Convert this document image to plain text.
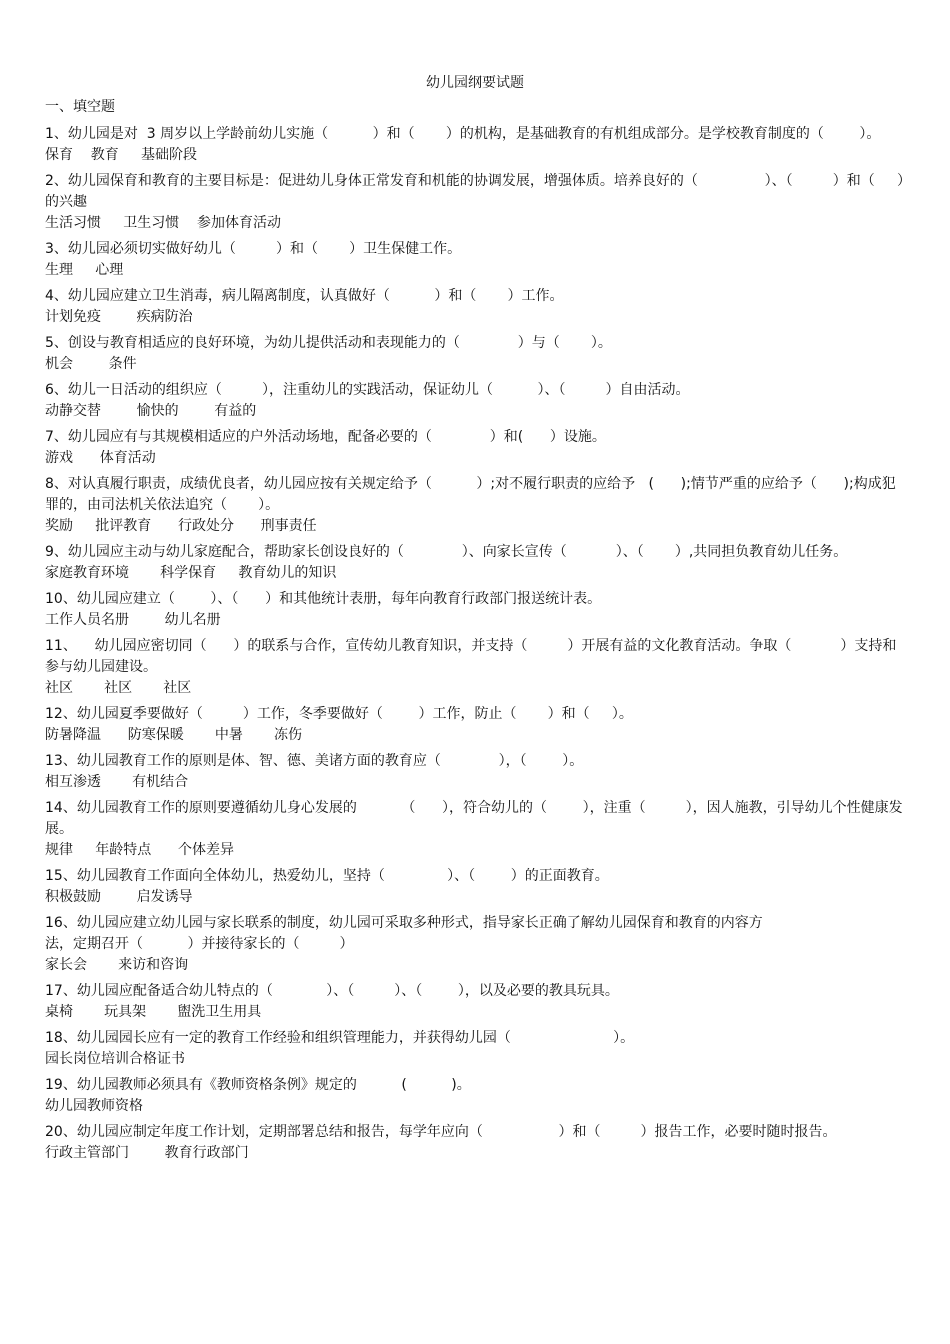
幼儿园纲要试题
一、填空题
1、幼儿园是对  3 周岁以上学龄前幼儿实施（          ）和（       ）的机构，是基础教育的有机组成部分。是学校教育制度的（        ）。
保育    教育     基础阶段
2、幼儿园保育和教育的主要目标是：促进幼儿身体正常发育和机能的协调发展，增强体质。培养良好的（               ）、（         ）和（     ）的兴趣
生活习惯     卫生习惯    参加体育活动
3、幼儿园必须切实做好幼儿（         ）和（       ）卫生保健工作。
生理     心理
4、幼儿园应建立卫生消毒，病儿隔离制度，认真做好（          ）和（       ）工作。
计划免疫        疾病防治
5、创设与教育相适应的良好环境，为幼儿提供活动和表现能力的（             ）与（       ）。
机会        条件
6、幼儿一日活动的组织应（         ），注重幼儿的实践活动，保证幼儿（          ）、（         ）自由活动。
动静交替        愉快的        有益的
7、幼儿园应有与其规模相适应的户外活动场地，配备必要的（             ）和(      ）设施。
游戏      体育活动
8、对认真履行职责，成绩优良者，幼儿园应按有关规定给予（          ）;对不履行职责的应给予   (      );情节严重的应给予（      );构成犯罪的，由司法机关依法追究（       ）。
奖励     批评教育      行政处分      刑事责任
9、幼儿园应主动与幼儿家庭配合，帮助家长创设良好的（             ）、向家长宣传（           ）、（       ）,共同担负教育幼儿任务。
家庭教育环境       科学保育     教育幼儿的知识
10、幼儿园应建立（        ）、（      ）和其他统计表册，每年向教育行政部门报送统计表。
工作人员名册        幼儿名册
11、    幼儿园应密切同（      ）的联系与合作，宣传幼儿教育知识，并支持（         ）开展有益的文化教育活动。争取（           ）支持和参与幼儿园建设。
社区       社区       社区
12、幼儿园夏季要做好（         ）工作，冬季要做好（        ）工作，防止（       ）和（     ）。
防暑降温      防寒保暖       中暑       冻伤
13、幼儿园教育工作的原则是体、智、德、美诸方面的教育应（             ），（        ）。
相互渗透       有机结合
14、幼儿园教育工作的原则要遵循幼儿身心发展的          （      ），符合幼儿的（        ），注重（         ），因人施教，引导幼儿个性健康发展。
规律     年龄特点      个体差异
15、幼儿园教育工作面向全体幼儿，热爱幼儿，坚持（              ）、（        ）的正面教育。
积极鼓励        启发诱导
16、幼儿园应建立幼儿园与家长联系的制度，幼儿园可采取多种形式，指导家长正确了解幼儿园保育和教育的内容方
法，定期召开（          ）并接待家长的（         ）
家长会       来访和咨询
17、幼儿园应配备适合幼儿特点的（            ）、（         ）、（        ），以及必要的教具玩具。
桌椅       玩具架       盥洗卫生用具
18、幼儿园园长应有一定的教育工作经验和组织管理能力，并获得幼儿园（                       ）。
园长岗位培训合格证书
19、幼儿园教师必须具有《教师资格条例》规定的          (          )。
幼儿园教师资格
20、幼儿园应制定年度工作计划，定期部署总结和报告，每学年应向（                 ）和（         ）报告工作，必要时随时报告。
行政主管部门        教育行政部门
